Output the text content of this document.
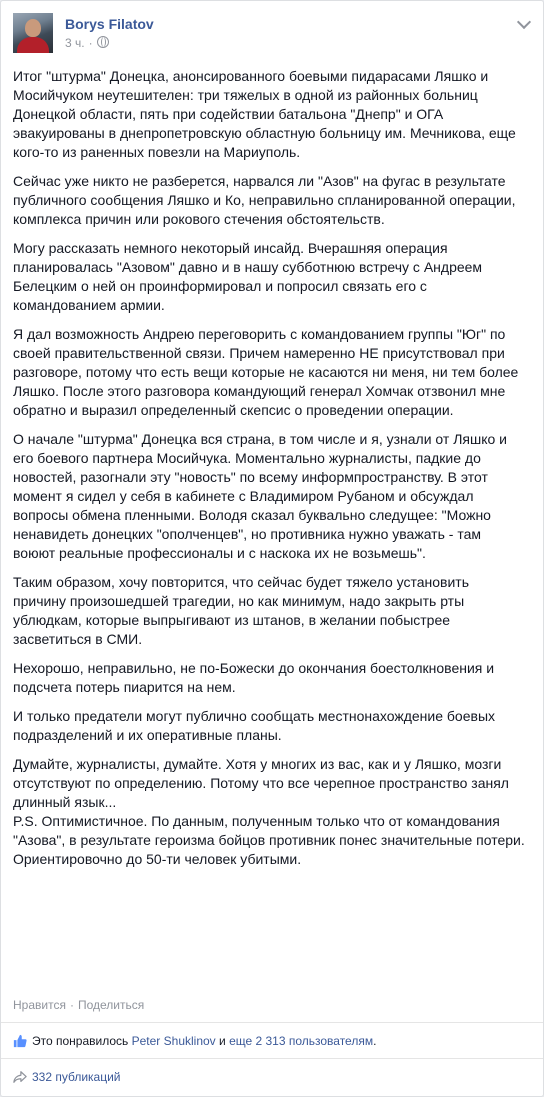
Borys Filatov
3 ч. ·

Итог "штурма" Донецка, анонсированного боевыми пидарасами Ляшко и Мосийчуком неутешителен: три тяжелых в одной из районных больниц Донецкой области, пять при содействии батальона "Днепр" и ОГА эвакуированы в днепропетровскую областную больницу им. Мечникова, еще кого-то из раненных повезли на Мариуполь.

Сейчас уже никто не разберется, нарвался ли "Азов" на фугас в результате публичного сообщения Ляшко и Ко, неправильно спланированной операции, комплекса причин или рокового стечения обстоятельств.

Могу рассказать немного некоторый инсайд. Вчерашняя операция планировалась "Азовом" давно и в нашу субботнюю встречу с Андреем Белецким о ней он проинформировал и попросил связать его с командованием армии.

Я дал возможность Андрею переговорить с командованием группы "Юг" по своей правительственной связи. Причем намеренно НЕ присутствовал при разговоре, потому что есть вещи которые не касаются ни меня, ни тем более Ляшко. После этого разговора командующий генерал Хомчак отзвонил мне обратно и выразил определенный скепсис о проведении операции.

О начале "штурма" Донецка вся страна, в том числе и я, узнали от Ляшко и его боевого партнера Мосийчука. Моментально журналисты, падкие до новостей, разогнали эту "новость" по всему информпространству. В этот момент я сидел у себя в кабинете с Владимиром Рубаном и обсуждал вопросы обмена пленными. Володя сказал буквально следущее: "Можно ненавидеть донецких "ополченцев", но противника нужно уважать - там воюют реальные профессионалы и с наскока их не возьмешь".

Таким образом, хочу повторится, что сейчас будет тяжело установить причину произошедшей трагедии, но как минимум, надо закрыть рты ублюдкам, которые выпрыгивают из штанов, в желании побыстрее засветиться в СМИ.

Нехорошо, неправильно, не по-Божески до окончания боестолкновения и подсчета потерь пиарится на нем.

И только предатели могут публично сообщать местнонахождение боевых подразделений и их оперативные планы.

Думайте, журналисты, думайте. Хотя у многих из вас, как и у Ляшко, мозги отсутствуют по определению. Потому что все черепное пространство занял длинный язык...

P.S. Оптимистичное. По данным, полученным только что от командования "Азова", в результате героизма бойцов противник понес значительные потери. Ориентировочно до 50-ти человек убитыми.

Нравится · Поделиться
Это понравилось Peter Shuklinov и еще 2 313 пользователям.
332 публикаций
